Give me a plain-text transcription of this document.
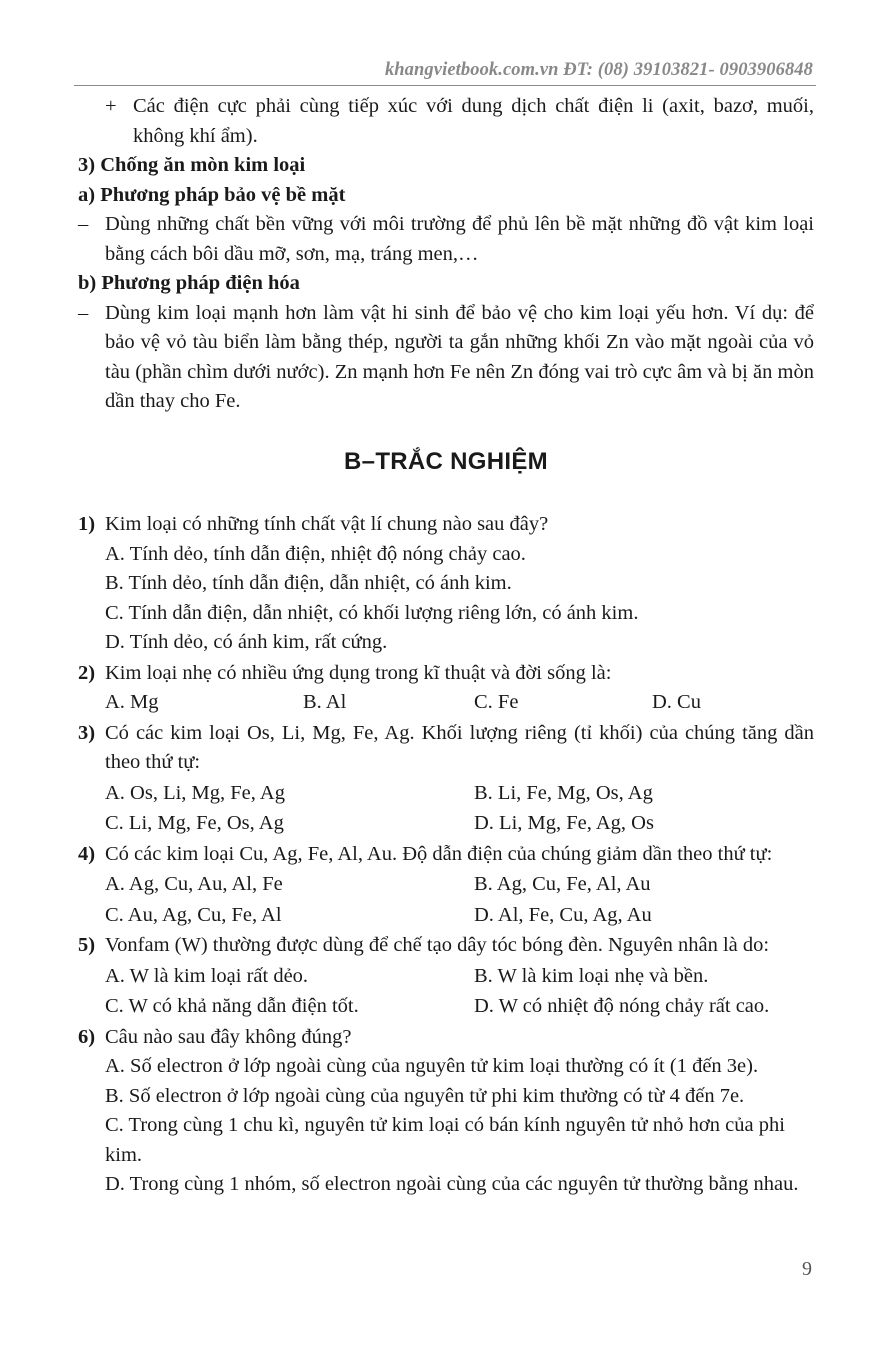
khangvietbook.com.vn ĐT: (08) 39103821- 0903906848
+ Các điện cực phải cùng tiếp xúc với dung dịch chất điện li (axit, bazơ, muối, không khí ẩm).
3) Chống ăn mòn kim loại
a) Phương pháp bảo vệ bề mặt
– Dùng những chất bền vững với môi trường để phủ lên bề mặt những đồ vật kim loại bằng cách bôi dầu mỡ, sơn, mạ, tráng men,…
b) Phương pháp điện hóa
– Dùng kim loại mạnh hơn làm vật hi sinh để bảo vệ cho kim loại yếu hơn. Ví dụ: để bảo vệ vỏ tàu biển làm bằng thép, người ta gắn những khối Zn vào mặt ngoài của vỏ tàu (phần chìm dưới nước). Zn mạnh hơn Fe nên Zn đóng vai trò cực âm và bị ăn mòn dần thay cho Fe.
B–TRẮC NGHIỆM
1) Kim loại có những tính chất vật lí chung nào sau đây?
A. Tính dẻo, tính dẫn điện, nhiệt độ nóng chảy cao.
B. Tính dẻo, tính dẫn điện, dẫn nhiệt, có ánh kim.
C. Tính dẫn điện, dẫn nhiệt, có khối lượng riêng lớn, có ánh kim.
D. Tính dẻo, có ánh kim, rất cứng.
2) Kim loại nhẹ có nhiều ứng dụng trong kĩ thuật và đời sống là:
A. Mg	B. Al	C. Fe	D. Cu
3) Có các kim loại Os, Li, Mg, Fe, Ag. Khối lượng riêng (tỉ khối) của chúng tăng dần theo thứ tự:
A. Os, Li, Mg, Fe, Ag	B. Li, Fe, Mg, Os, Ag
C. Li, Mg, Fe, Os, Ag	D. Li, Mg, Fe, Ag, Os
4) Có các kim loại Cu, Ag, Fe, Al, Au. Độ dẫn điện của chúng giảm dần theo thứ tự:
A. Ag, Cu, Au, Al, Fe	B. Ag, Cu, Fe, Al, Au
C. Au, Ag, Cu, Fe, Al	D. Al, Fe, Cu, Ag, Au
5) Vonfam (W) thường được dùng để chế tạo dây tóc bóng đèn. Nguyên nhân là do:
A. W là kim loại rất dẻo.	B. W là kim loại nhẹ và bền.
C. W có khả năng dẫn điện tốt.	D. W có nhiệt độ nóng chảy rất cao.
6) Câu nào sau đây không đúng?
A. Số electron ở lớp ngoài cùng của nguyên tử kim loại thường có ít (1 đến 3e).
B. Số electron ở lớp ngoài cùng của nguyên tử phi kim thường có từ 4 đến 7e.
C. Trong cùng 1 chu kì, nguyên tử kim loại có bán kính nguyên tử nhỏ hơn của phi kim.
D. Trong cùng 1 nhóm, số electron ngoài cùng của các nguyên tử thường bằng nhau.
9
